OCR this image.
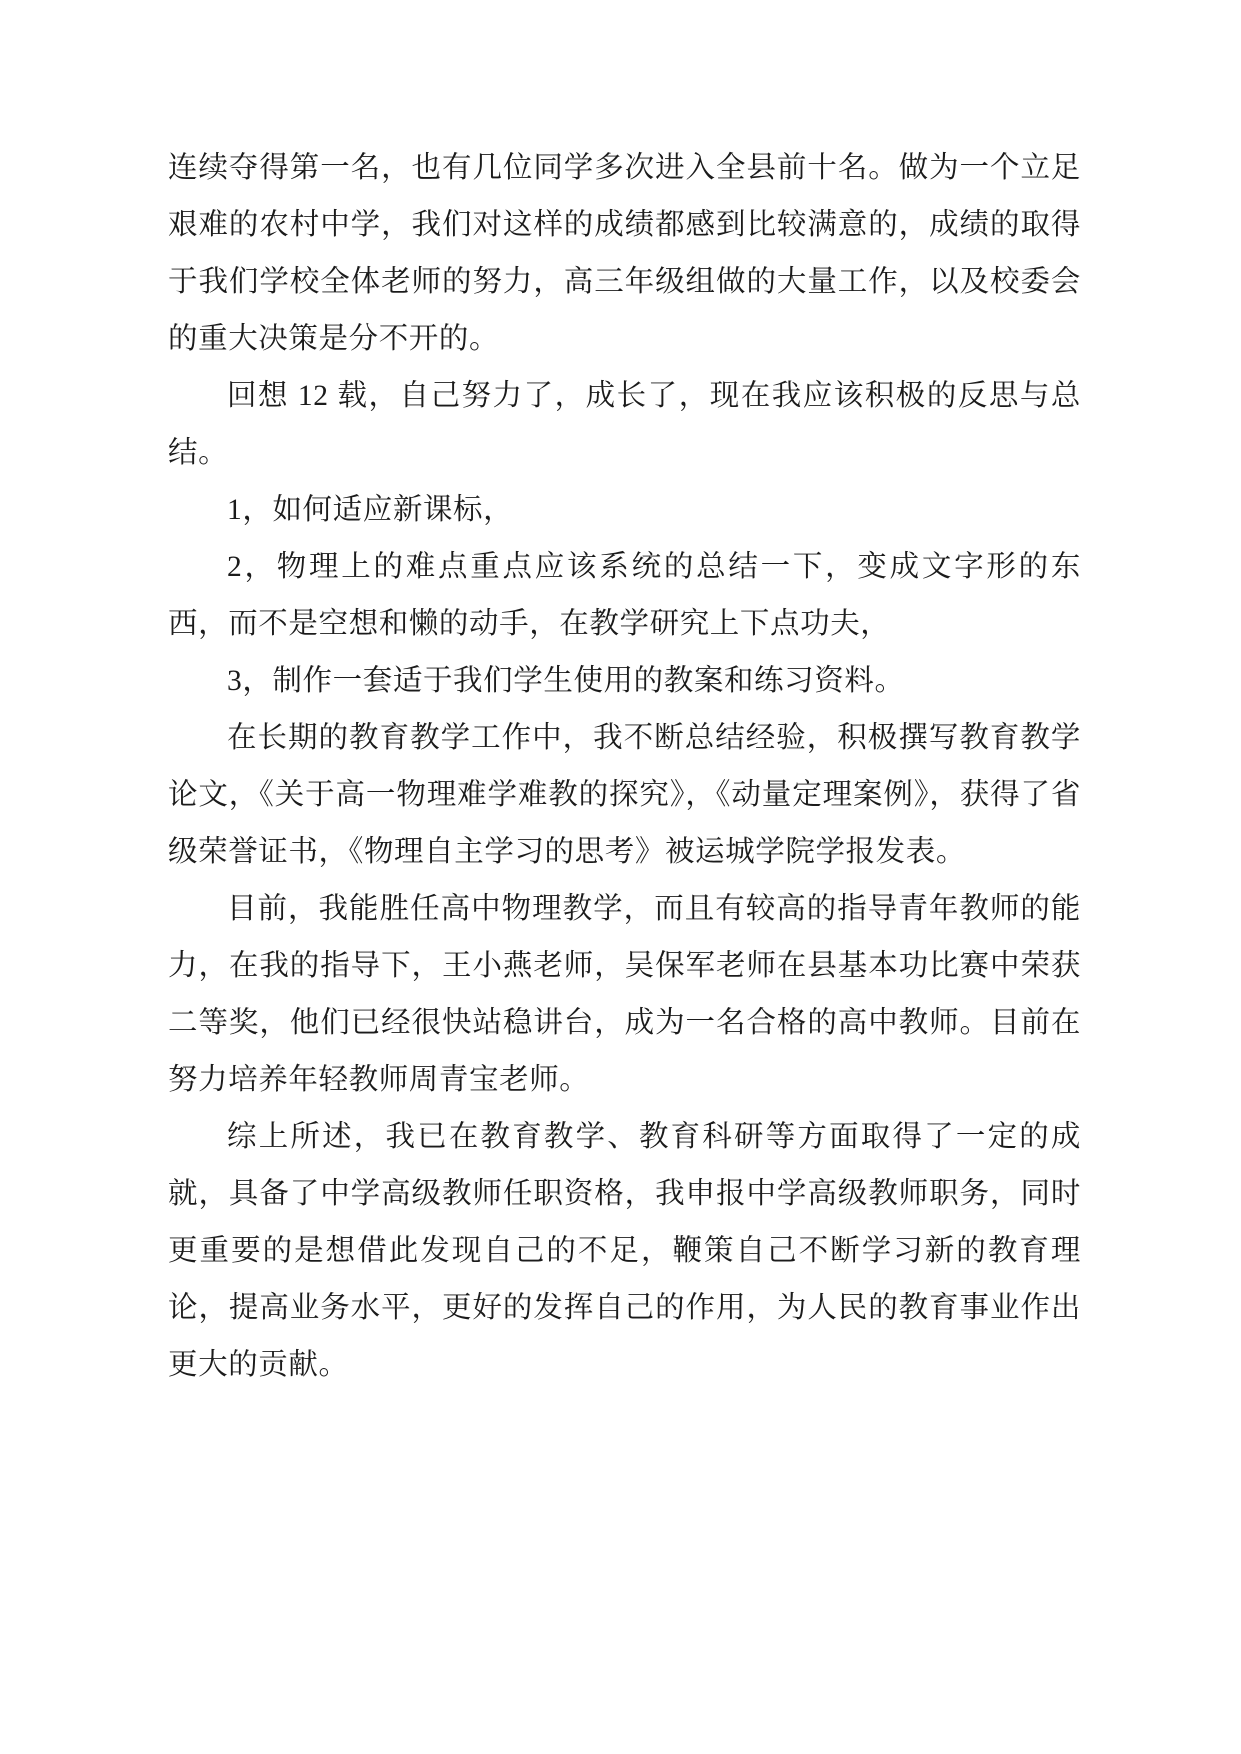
连续夺得第一名，也有几位同学多次进入全县前十名。做为一个立足艰难的农村中学，我们对这样的成绩都感到比较满意的，成绩的取得于我们学校全体老师的努力，高三年级组做的大量工作，以及校委会的重大决策是分不开的。

回想 12 载，自己努力了，成长了，现在我应该积极的反思与总结。

1，如何适应新课标，

2，物理上的难点重点应该系统的总结一下，变成文字形的东西，而不是空想和懒的动手，在教学研究上下点功夫，

3，制作一套适于我们学生使用的教案和练习资料。

在长期的教育教学工作中，我不断总结经验，积极撰写教育教学论文，《关于高一物理难学难教的探究》，《动量定理案例》，获得了省级荣誉证书，《物理自主学习的思考》被运城学院学报发表。

目前，我能胜任高中物理教学，而且有较高的指导青年教师的能力，在我的指导下，王小燕老师，吴保军老师在县基本功比赛中荣获二等奖，他们已经很快站稳讲台，成为一名合格的高中教师。目前在努力培养年轻教师周青宝老师。

综上所述，我已在教育教学、教育科研等方面取得了一定的成就，具备了中学高级教师任职资格，我申报中学高级教师职务，同时更重要的是想借此发现自己的不足，鞭策自己不断学习新的教育理论，提高业务水平，更好的发挥自己的作用，为人民的教育事业作出更大的贡献。
